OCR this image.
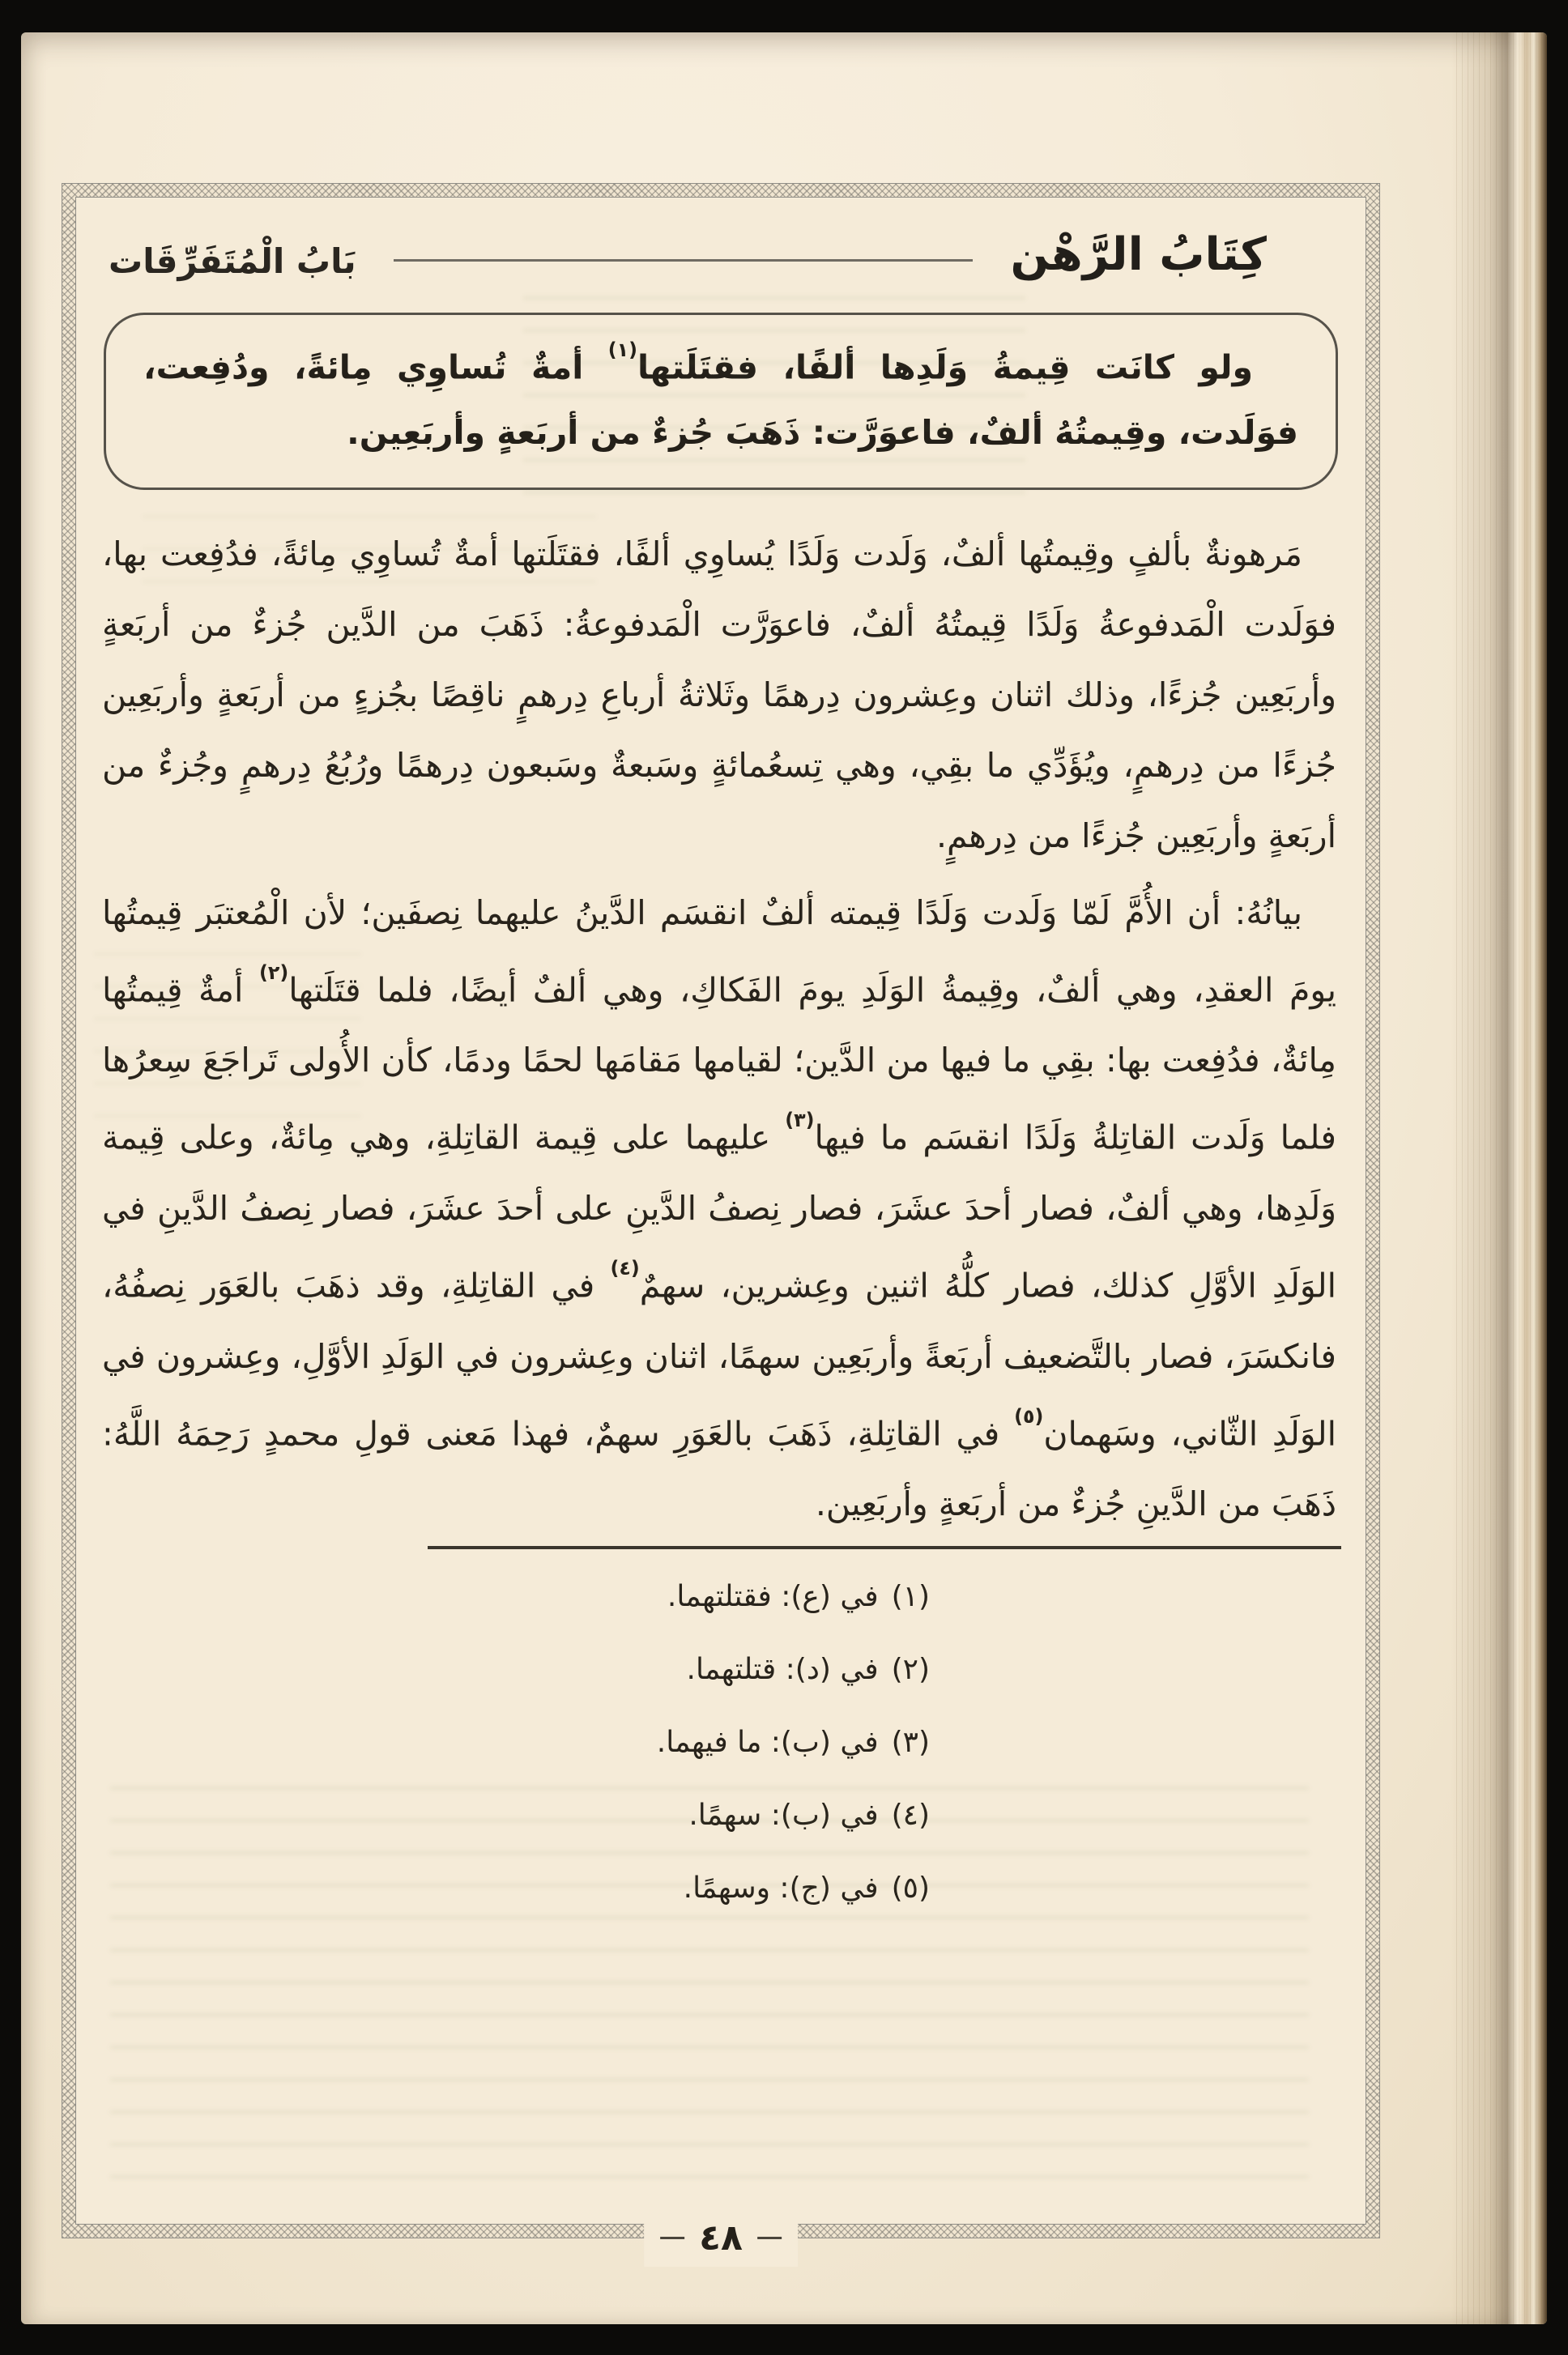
كِتَابُ الرَّهْن
بَابُ الْمُتَفَرِّقَات

ولو كانَت قِيمةُ وَلَدِها ألفًا، فقتَلَتها$^{(١)}$ أمةٌ تُساوِي مِائةً، ودُفِعت، فوَلَدت، وقِيمتُهُ ألفٌ، فاعوَرَّت: ذَهَبَ جُزءٌ من أربَعةٍ وأربَعِين.

مَرهونةٌ بألفٍ وقِيمتُها ألفٌ، وَلَدت وَلَدًا يُساوِي ألفًا، فقتَلَتها أمةٌ تُساوِي مِائةً، فدُفِعت بها، فوَلَدت الْمَدفوعةُ وَلَدًا قِيمتُهُ ألفٌ، فاعوَرَّت الْمَدفوعةُ: ذَهَبَ من الدَّين جُزءٌ من أربَعةٍ وأربَعِين جُزءًا، وذلك اثنان وعِشرون دِرهمًا وثَلاثةُ أرباعِ دِرهمٍ ناقِصًا بجُزءٍ من أربَعةٍ وأربَعِين جُزءًا من دِرهمٍ، ويُؤَدِّي ما بقِي، وهي تِسعُمائةٍ وسَبعةٌ وسَبعون دِرهمًا ورُبُعُ دِرهمٍ وجُزءٌ من أربَعةٍ وأربَعِين جُزءًا من دِرهمٍ.

بيانُهُ: أن الأُمَّ لَمّا وَلَدت وَلَدًا قِيمته ألفٌ انقسَم الدَّينُ عليهما نِصفَين؛ لأن الْمُعتبَر قِيمتُها يومَ العقدِ، وهي ألفٌ، وقِيمةُ الوَلَدِ يومَ الفَكاكِ، وهي ألفٌ أيضًا، فلما قتَلَتها$^{(٢)}$ أمةٌ قِيمتُها مِائةٌ، فدُفِعت بها: بقِي ما فيها من الدَّين؛ لقيامها مَقامَها لحمًا ودمًا، كأن الأُولى تَراجَعَ سِعرُها فلما وَلَدت القاتِلةُ وَلَدًا انقسَم ما فيها$^{(٣)}$ عليهما على قِيمة القاتِلةِ، وهي مِائةٌ، وعلى قِيمة وَلَدِها، وهي ألفٌ، فصار أحدَ عشَرَ، فصار نِصفُ الدَّينِ على أحدَ عشَرَ، فصار نِصفُ الدَّينِ في الوَلَدِ الأوَّلِ كذلك، فصار كلُّهُ اثنين وعِشرين، سهمٌ$^{(٤)}$ في القاتِلةِ، وقد ذهَبَ بالعَوَر نِصفُهُ، فانكسَرَ، فصار بالتَّضعيف أربَعةً وأربَعِين سهمًا، اثنان وعِشرون في الوَلَدِ الأوَّلِ، وعِشرون في الوَلَدِ الثّاني، وسَهمان$^{(٥)}$ في القاتِلةِ، ذَهَبَ بالعَوَرِ سهمٌ، فهذا مَعنى قولِ محمدٍ رَحِمَهُ اللَّهُ: ذَهَبَ من الدَّينِ جُزءٌ من أربَعةٍ وأربَعِين.

(١)في (ع): فقتلتهما.
(٢)في (د): قتلتهما.
(٣)في (ب): ما فيهما.
(٤)في (ب): سهمًا.
(٥)في (ج): وسهمًا.
٤٨
